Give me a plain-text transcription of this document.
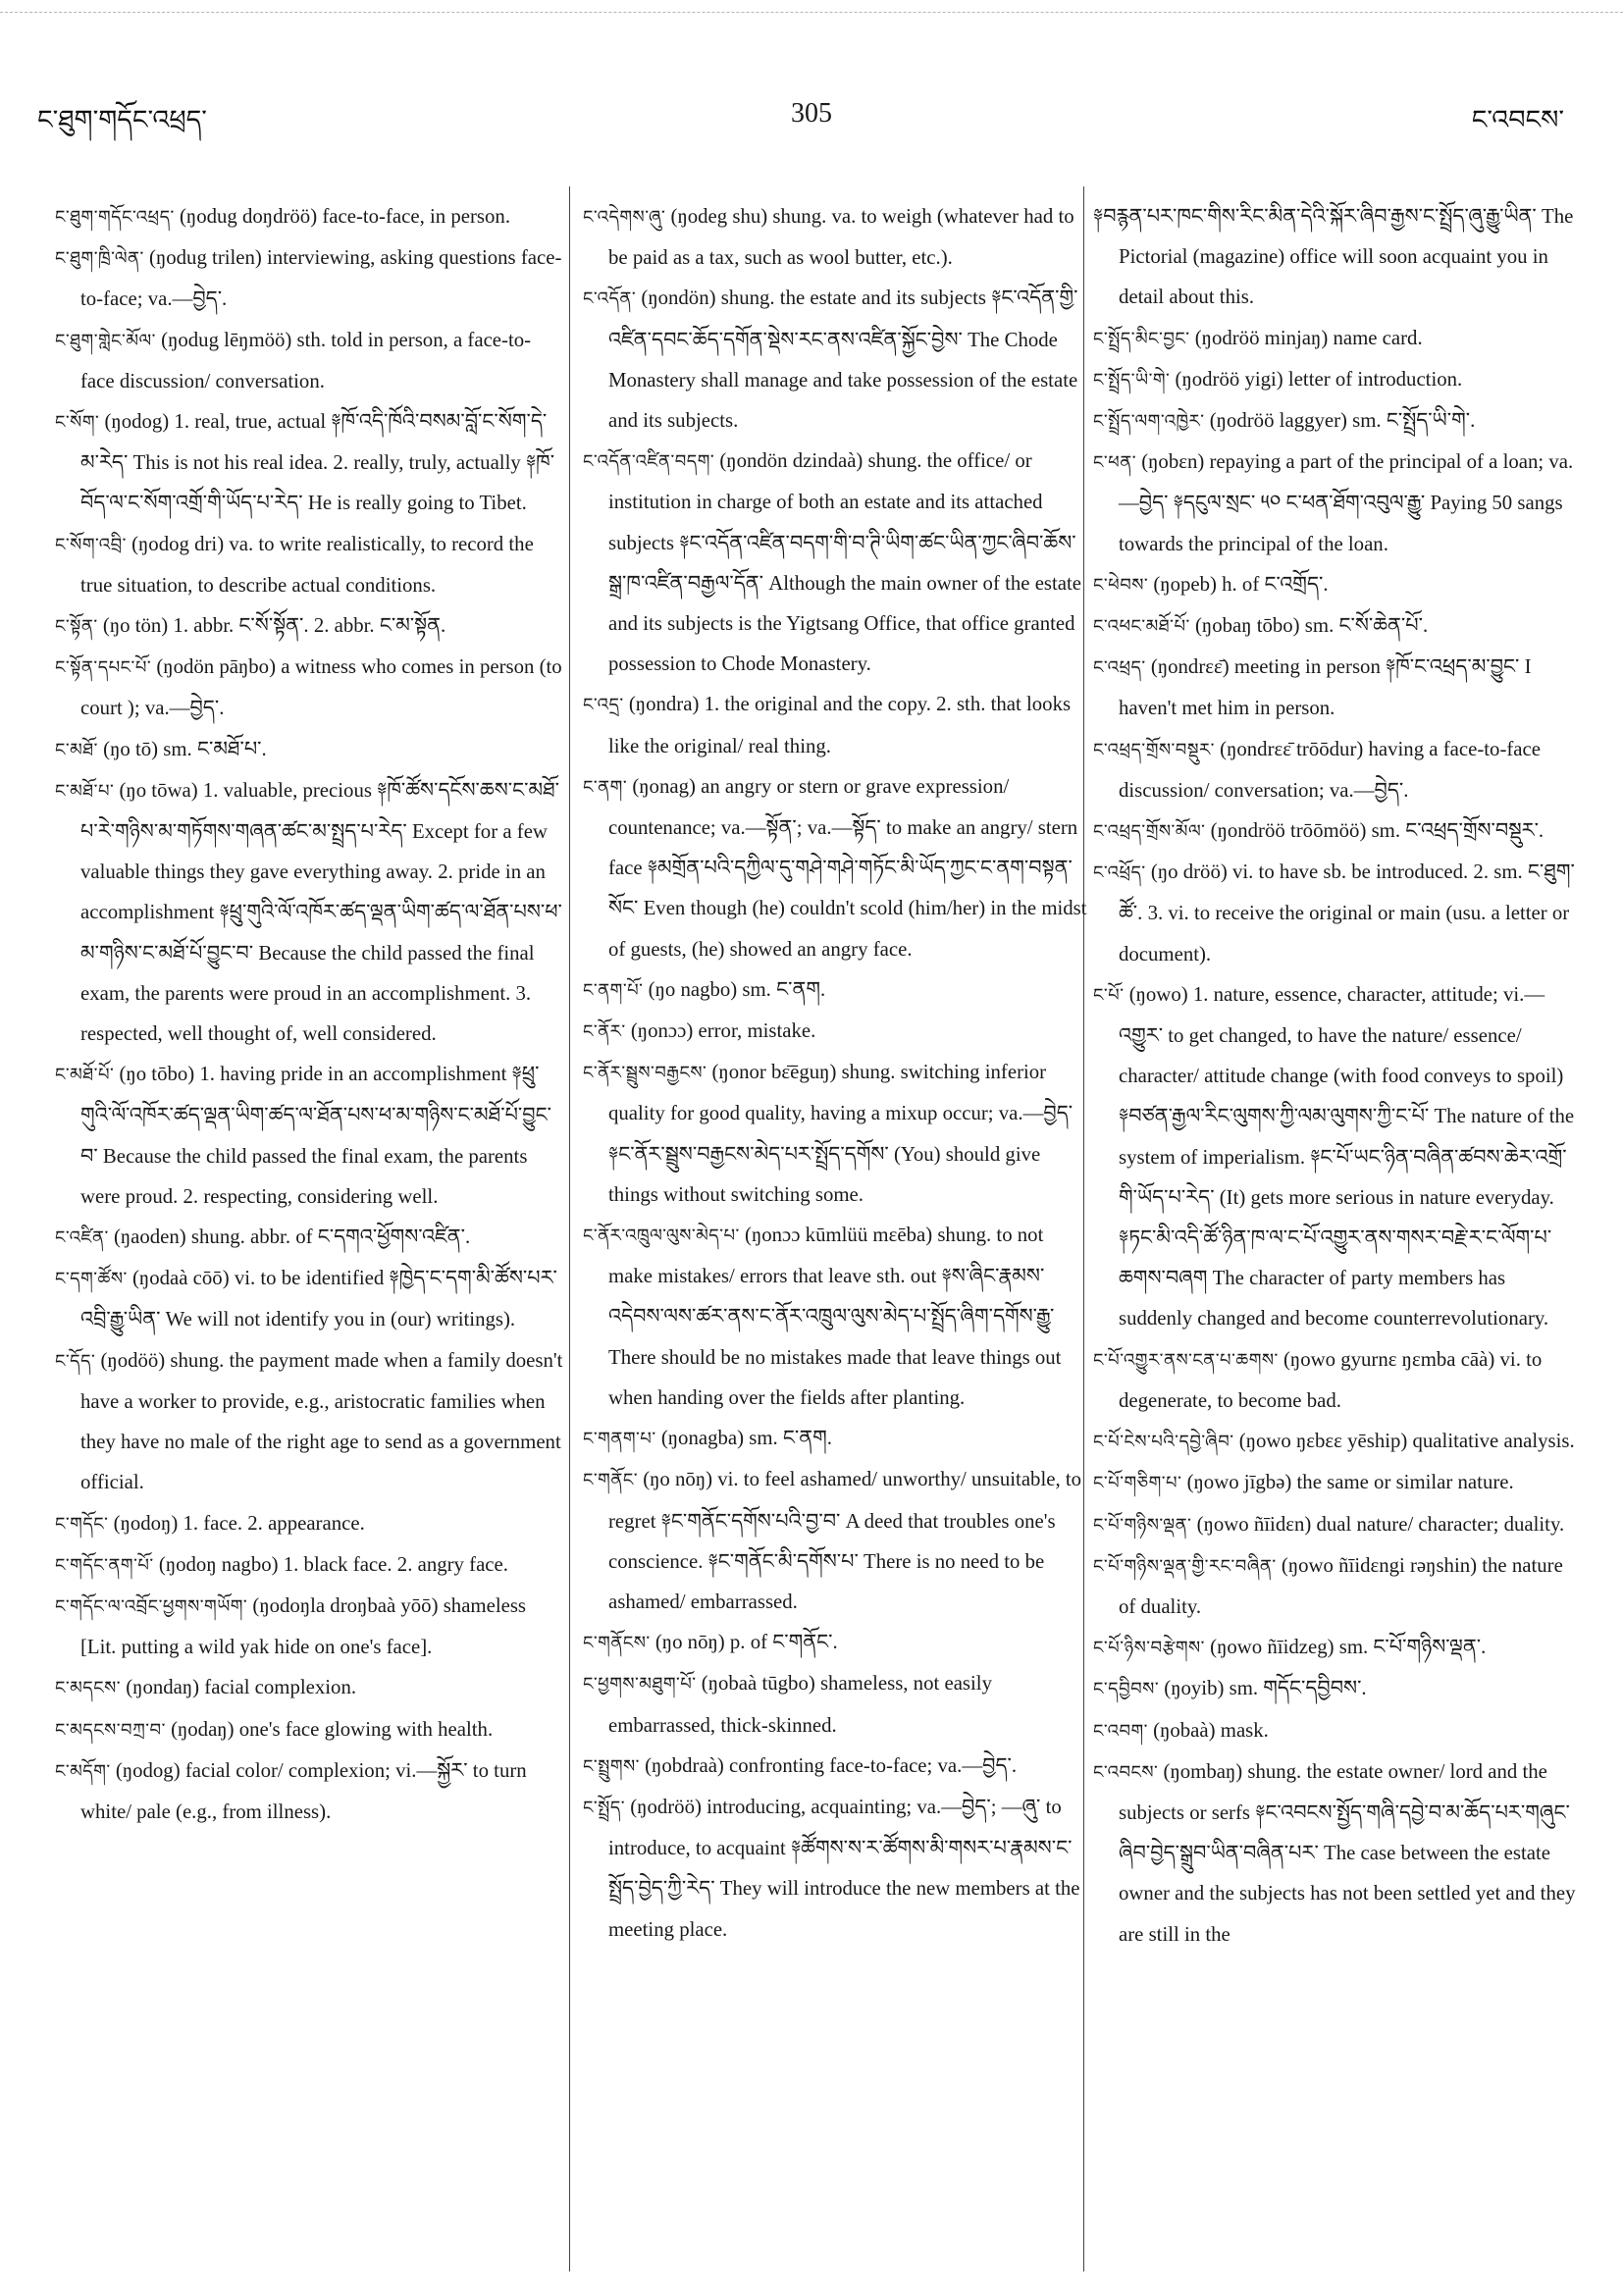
ང་ཐུག་གདོང་འཕྲད་	305	ང་འབངས་
ང་ཐུག་གདོང་འཕྲད་ (ŋodug doŋdröö) face-to-face, in person.
ང་ཐུག་ཁྲི་ལེན་ (ŋodug trilen) interviewing, asking questions face-to-face; va.—བྱེད་.
ང་ཐུག་གླེང་མོལ་ (ŋodug lēŋmöö) sth. told in person, a face-to-face discussion/ conversation.
ང་སོག་ (ŋodog) 1. real, true, actual ༈ཁོ་འདི་ཁོའི་བསམ་བློ་ང་སོག་དེ་མ་རེད་ This is not his real idea. 2. really, truly, actually ༈ཁོ་བོད་ལ་ང་སོག་འགྲོ་གི་ཡོད་པ་རེད་ He is really going to Tibet.
ང་སོག་འབྲི་ (ŋodog dri) va. to write realistically, to record the true situation, to describe actual conditions.
ང་སྟོན་ (ŋo tön) 1. abbr. ང་སོ་སྟོན་. 2. abbr. ང་མ་སྟོན.
ང་སྟོན་དཔང་པོ་ (ŋodön pāŋbo) a witness who comes in person (to court ); va.—བྱེད་.
ང་མཐོ་ (ŋo tō) sm. ང་མཐོ་པ་.
ང་མཐོ་པ་ (ŋo tōwa) 1. valuable, precious ༈ཁོ་ཚོས་དངོས་ཆས་ང་མཐོ་པ་རེ་གཉིས་མ་གཏོགས་གཞན་ཚང་མ་སྤྲད་པ་རེད་ Except for a few valuable things they gave everything away. 2. pride in an accomplishment ༈ཕྲུ་གུའི་ལོ་འཁོར་ཚད་ལྡན་ཡིག་ཚད་ལ་ཐོན་པས་ཕ་མ་གཉིས་ང་མཐོ་པོ་བྱུང་བ་ Because the child passed the final exam, the parents were proud in an accomplishment. 3. respected, well thought of, well considered.
ང་མཐོ་པོ་ (ŋo tōbo) 1. having pride in an accomplishment ༈ཕྲུ་གུའི་ལོ་འཁོར་ཚད་ལྡན་ཡིག་ཚད་ལ་ཐོན་པས་ཕ་མ་གཉིས་ང་མཐོ་པོ་བྱུང་བ་ Because the child passed the final exam, the parents were proud. 2. respecting, considering well.
ང་འཛིན་ (ŋaoden) shung. abbr. of ང་དགའ་ཕྱོགས་འཛིན་.
ང་དག་ཚོས་ (ŋodaà cōō) vi. to be identified ༈ཁྱེད་ང་དག་མི་ཚོས་པར་འབྲི་རྒྱུ་ཡིན་ We will not identify you in (our) writings).
ང་དོད་ (ŋodöö) shung. the payment made when a family doesn't have a worker to provide, e.g., aristocratic families when they have no male of the right age to send as a government official.
ང་གདོང་ (ŋodoŋ) 1. face. 2. appearance.
ང་གདོང་ནག་པོ་ (ŋodoŋ nagbo) 1. black face. 2. angry face.
ང་གདོང་ལ་འབྲོང་ཕྱགས་གཡོག་ (ŋodoŋla droŋbaà yōō) shameless [Lit. putting a wild yak hide on one's face].
ང་མདངས་ (ŋondaŋ) facial complexion.
ང་མདངས་བཀྲ་བ་ (ŋodaŋ) one's face glowing with health.
ང་མདོག་ (ŋodog) facial color/ complexion; vi.—སྐྱོར་ to turn white/ pale (e.g., from illness).
ང་འདེགས་ཞུ་ (ŋodeg shu) shung. va. to weigh (whatever had to be paid as a tax, such as wool butter, etc.).
ང་འདོན་ (ŋondön) shung. the estate and its subjects ༈ང་འདོན་གྱི་འཛིན་དབང་ཆོད་དགོན་སྡེས་རང་ནས་འཛིན་སྐྱོང་བྱེས་ The Chode Monastery shall manage and take possession of the estate and its subjects.
ང་འདོན་འཛིན་བདག་ (ŋondön dzindaà) shung. the office/ or institution in charge of both an estate and its attached subjects ༈ང་འདོན་འཛིན་བདག་གི་བ་ཊི་ཡིག་ཚང་ཡིན་ཀྱང་ཞིབ་ཆོས་སྒྲ་ཁ་འཛིན་བརྒྱལ་དོན་ Although the main owner of the estate and its subjects is the Yigtsang Office, that office granted possession to Chode Monastery.
ང་འདྲ་ (ŋondra) 1. the original and the copy. 2. sth. that looks like the original/ real thing.
ང་ནག་ (ŋonag) an angry or stern or grave expression/ countenance; va.—སྟོན་; va.—སྟོད་ to make an angry/ stern face ༈མགྲོན་པའི་དཀྱིལ་དུ་གཤེ་གཤེ་གཏོང་མི་ཡོད་ཀྱང་ང་ནག་བསྟན་སོང་ Even though (he) couldn't scold (him/her) in the midst of guests, (he) showed an angry face.
ང་ནག་པོ་ (ŋo nagbo) sm. ང་ནག.
ང་ནོར་ (ŋonɔɔ) error, mistake.
ང་ནོར་སྦྲུས་བརྒྱངས་ (ŋonor bɛ̄ēguŋ) shung. switching inferior quality for good quality, having a mixup occur; va.—བྱེད་ ༈ང་ནོར་སྦྲུས་བརྒྱངས་མེད་པར་སྤྲོད་དགོས་ (You) should give things without switching some.
ང་ནོར་འཁྲུལ་ལུས་མེད་པ་ (ŋonɔɔ kūmlüü mɛēba) shung. to not make mistakes/ errors that leave sth. out ༈ས་ཞིང་རྣམས་འདེབས་ལས་ཚར་ནས་ང་ནོར་འཁྲུལ་ལུས་མེད་པ་སྤྲོད་ཞིག་དགོས་རྒྱུ་ There should be no mistakes made that leave things out when handing over the fields after planting.
ང་གནག་པ་ (ŋonagba) sm. ང་ནག.
ང་གནོང་ (ŋo nōŋ) vi. to feel ashamed/ unworthy/ unsuitable, to regret ༈ང་གནོང་དགོས་པའི་བྱ་བ་ A deed that troubles one's conscience. ༈ང་གནོང་མི་དགོས་པ་ There is no need to be ashamed/ embarrassed.
ང་གནོངས་ (ŋo nōŋ) p. of ང་གནོང་.
ང་ཕྱགས་མཐུག་པོ་ (ŋobaà tūgbo) shameless, not easily embarrassed, thick-skinned.
ང་སྤྲུགས་ (ŋobdraà) confronting face-to-face; va.—བྱེད་.
ང་སྤྲོད་ (ŋodröö) introducing, acquainting; va.—བྱེད་; —ཞུ་ to introduce, to acquaint ༈ཚོགས་ས་ར་ཚོགས་མི་གསར་པ་རྣམས་ང་སྤྲོད་བྱེད་ཀྱི་རེད་ They will introduce the new members at the meeting place.
༈བརྙན་པར་ཁང་གིས་རིང་མིན་དེའི་སྐོར་ཞིབ་རྒྱས་ང་སྤྲོད་ཞུ་རྒྱུ་ཡིན་ The Pictorial (magazine) office will soon acquaint you in detail about this.
ང་སྤྲོད་མིང་བྱང་ (ŋodröö minjaŋ) name card.
ང་སྤྲོད་ཡི་གེ་ (ŋodröö yigi) letter of introduction.
ང་སྤྲོད་ལག་འཁྱེར་ (ŋodröö laggyer) sm. ང་སྤྲོད་ཡི་གེ་.
ང་ཕན་ (ŋobɛn) repaying a part of the principal of a loan; va.—བྱེད་ ༈དངུལ་སྲང་ ༥༠ ང་ཕན་ཐོག་འབུལ་རྒྱུ་ Paying 50 sangs towards the principal of the loan.
ང་ཕེབས་ (ŋopeb) h. of ང་འགྲོད་.
ང་འཕང་མཐོ་པོ་ (ŋobaŋ tōbo) sm. ང་སོ་ཆེན་པོ་.
ང་འཕྲད་ (ŋondrɛɛ̄) meeting in person ༈ཁོ་ང་འཕྲད་མ་བྱུང་ I haven't met him in person.
ང་འཕྲད་གྲོས་བསྡུར་ (ŋondrɛɛ̄ trōōdur) having a face-to-face discussion/ conversation; va.—བྱེད་.
ང་འཕྲད་གྲོས་མོལ་ (ŋondröö trōōmöö) sm. ང་འཕྲད་གྲོས་བསྡུར་.
ང་འཕྲོད་ (ŋo dröö) vi. to have sb. be introduced. 2. sm. ང་ཐུག་ཚོ་. 3. vi. to receive the original or main (usu. a letter or document).
ང་པོ་ (ŋowo) 1. nature, essence, character, attitude; vi.—འགྱུར་ to get changed, to have the nature/ essence/ character/ attitude change (with food conveys to spoil) ༈བཙན་རྒྱལ་རིང་ལུགས་ཀྱི་ལམ་ལུགས་ཀྱི་ང་པོ་ The nature of the system of imperialism. ༈ང་པོ་ཡང་ཉིན་བཞིན་ཚབས་ཆེར་འགྲོ་གི་ཡོད་པ་རེད་ (It) gets more serious in nature everyday. ༈ཏང་མི་འདི་ཚོ་ཉིན་ཁ་ལ་ང་པོ་འགྱུར་ནས་གསར་བརྗེ་ར་ང་ལོག་པ་ཆགས་བཞག The character of party members has suddenly changed and become counterrevolutionary.
ང་པོ་འགྱུར་ནས་ངན་པ་ཆགས་ (ŋowo gyurnɛ ŋɛmba cāà) vi. to degenerate, to become bad.
ང་པོ་ངེས་པའི་དབྱེ་ཞིབ་ (ŋowo ŋɛbɛɛ yēship) qualitative analysis.
ང་པོ་གཅིག་པ་ (ŋowo jīgbə) the same or similar nature.
ང་པོ་གཉིས་ལྡན་ (ŋowo ñīidɛn) dual nature/ character; duality.
ང་པོ་གཉིས་ལྡན་གྱི་རང་བཞིན་ (ŋowo ñīidɛngi rəŋshin) the nature of duality.
ང་པོ་ཉིས་བརྩེགས་ (ŋowo ñīidzeg) sm. ང་པོ་གཉིས་ལྡན་.
ང་དབྱིབས་ (ŋoyib) sm. གདོང་དབྱིབས་.
ང་འབག་ (ŋobaà) mask.
ང་འབངས་ (ŋombaŋ) shung. the estate owner/ lord and the subjects or serfs ༈ང་འབངས་སྤྱོད་གཞི་དབྱེ་བ་མ་ཆོད་པར་གཞུང་ཞིབ་བྱེད་སྒྲུབ་ཡིན་བཞིན་པར་ The case between the estate owner and the subjects has not been settled yet and they are still in the
